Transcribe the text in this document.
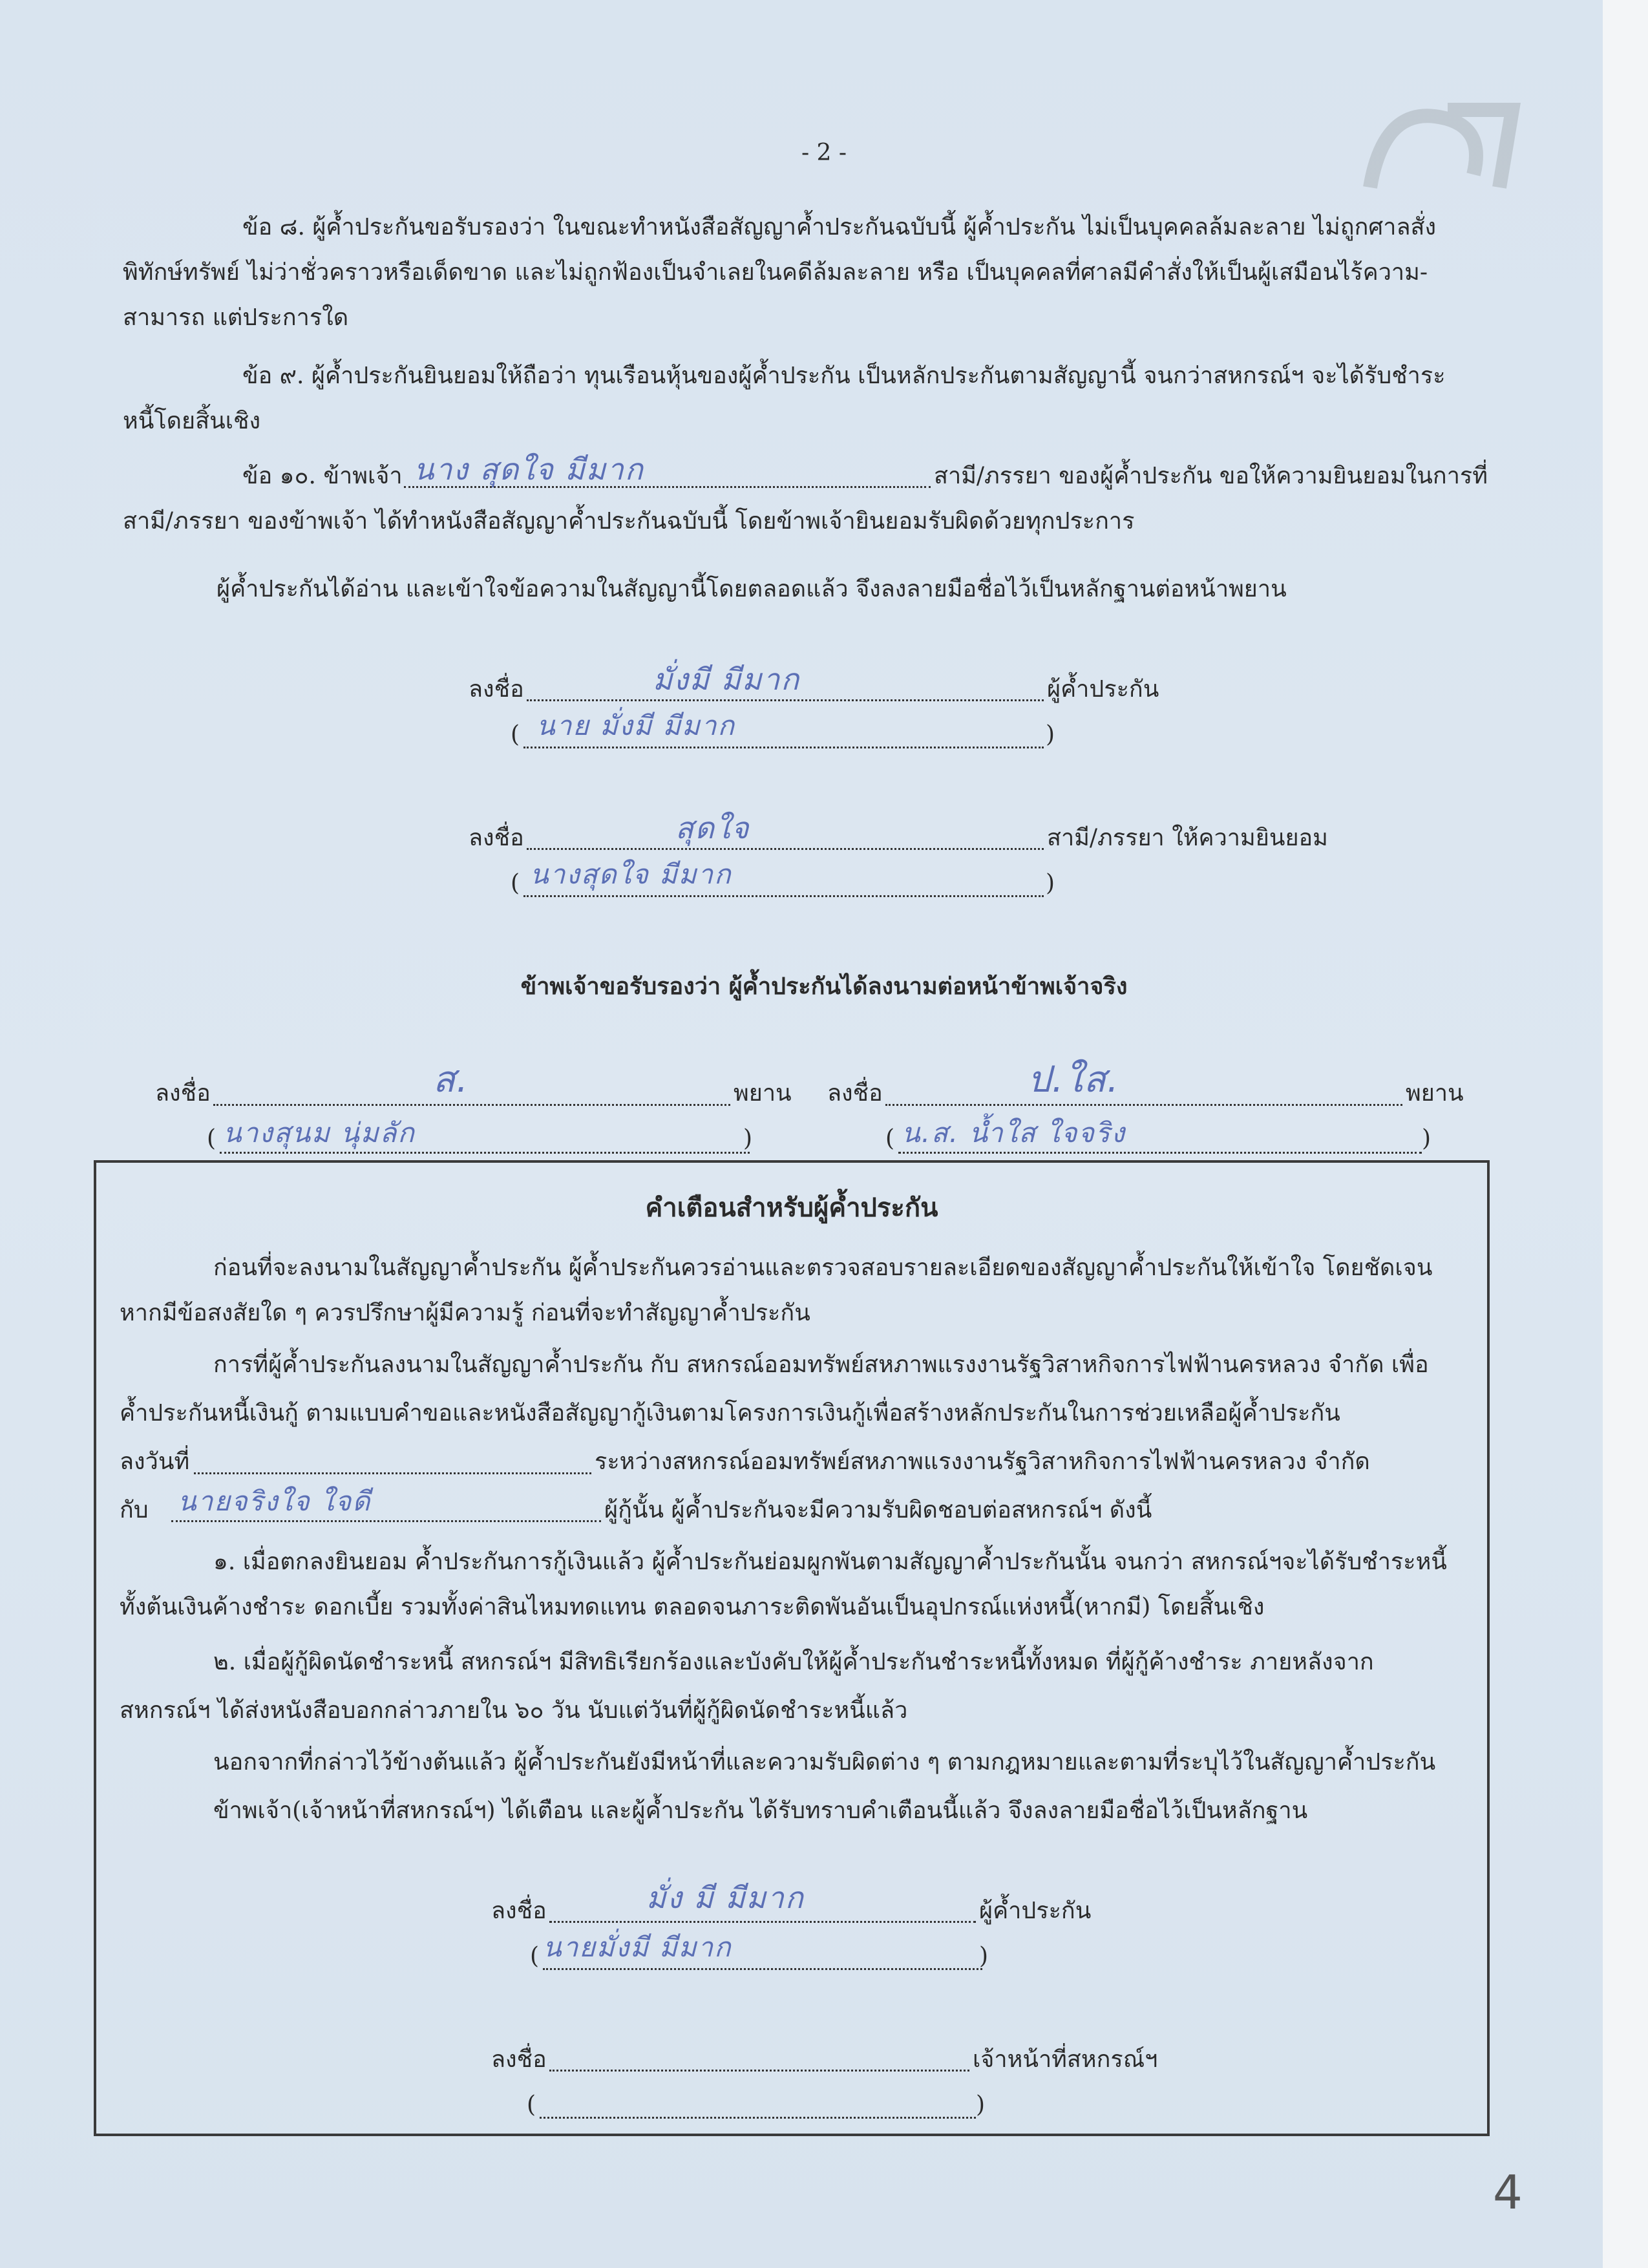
- 2 -
ข้อ ๘. ผู้ค้ำประกันขอรับรองว่า ในขณะทำหนังสือสัญญาค้ำประกันฉบับนี้ ผู้ค้ำประกัน ไม่เป็นบุคคลล้มละลาย ไม่ถูกศาลสั่ง
พิทักษ์ทรัพย์ ไม่ว่าชั่วคราวหรือเด็ดขาด และไม่ถูกฟ้องเป็นจำเลยในคดีล้มละลาย หรือ เป็นบุคคลที่ศาลมีคำสั่งให้เป็นผู้เสมือนไร้ความ-
สามารถ แต่ประการใด
ข้อ ๙. ผู้ค้ำประกันยินยอมให้ถือว่า ทุนเรือนหุ้นของผู้ค้ำประกัน เป็นหลักประกันตามสัญญานี้ จนกว่าสหกรณ์ฯ จะได้รับชำระ
หนี้โดยสิ้นเชิง
ข้อ ๑๐. ข้าพเจ้า นาง สุดใจ มีมาก	สามี/ภรรยา ของผู้ค้ำประกัน ขอให้ความยินยอมในการที่
สามี/ภรรยา ของข้าพเจ้า ได้ทำหนังสือสัญญาค้ำประกันฉบับนี้ โดยข้าพเจ้ายินยอมรับผิดด้วยทุกประการ
ผู้ค้ำประกันได้อ่าน และเข้าใจข้อความในสัญญานี้โดยตลอดแล้ว จึงลงลายมือชื่อไว้เป็นหลักฐานต่อหน้าพยาน
ลงชื่อ	มั่งมี มีมาก	ผู้ค้ำประกัน
( นาย มั่งมี มีมาก	)
ลงชื่อ	สุดใจ	สามี/ภรรยา ให้ความยินยอม
( นางสุดใจ มีมาก	)
ข้าพเจ้าขอรับรองว่า ผู้ค้ำประกันได้ลงนามต่อหน้าข้าพเจ้าจริง
ลงชื่อ	ส.	พยาน
( นางสุนม นุ่มลัก	)
ลงชื่อ	ป.ใส.	พยาน
( น.ส. น้ำใส ใจจริง	)
คำเตือนสำหรับผู้ค้ำประกัน
ก่อนที่จะลงนามในสัญญาค้ำประกัน ผู้ค้ำประกันควรอ่านและตรวจสอบรายละเอียดของสัญญาค้ำประกันให้เข้าใจ โดยชัดเจน
หากมีข้อสงสัยใด ๆ ควรปรึกษาผู้มีความรู้ ก่อนที่จะทำสัญญาค้ำประกัน
การที่ผู้ค้ำประกันลงนามในสัญญาค้ำประกัน กับ สหกรณ์ออมทรัพย์สหภาพแรงงานรัฐวิสาหกิจการไฟฟ้านครหลวง จำกัด เพื่อ
ค้ำประกันหนี้เงินกู้ ตามแบบคำขอและหนังสือสัญญากู้เงินตามโครงการเงินกู้เพื่อสร้างหลักประกันในการช่วยเหลือผู้ค้ำประกัน
ลงวันที่	ระหว่างสหกรณ์ออมทรัพย์สหภาพแรงงานรัฐวิสาหกิจการไฟฟ้านครหลวง จำกัด
กับ นายจริงใจ ใจดี	ผู้กู้นั้น ผู้ค้ำประกันจะมีความรับผิดชอบต่อสหกรณ์ฯ ดังนี้
๑. เมื่อตกลงยินยอม ค้ำประกันการกู้เงินแล้ว ผู้ค้ำประกันย่อมผูกพันตามสัญญาค้ำประกันนั้น จนกว่า สหกรณ์ฯจะได้รับชำระหนี้
ทั้งต้นเงินค้างชำระ ดอกเบี้ย รวมทั้งค่าสินไหมทดแทน ตลอดจนภาระติดพันอันเป็นอุปกรณ์แห่งหนี้(หากมี) โดยสิ้นเชิง
๒. เมื่อผู้กู้ผิดนัดชำระหนี้ สหกรณ์ฯ มีสิทธิเรียกร้องและบังคับให้ผู้ค้ำประกันชำระหนี้ทั้งหมด ที่ผู้กู้ค้างชำระ ภายหลังจาก
สหกรณ์ฯ ได้ส่งหนังสือบอกกล่าวภายใน ๖๐ วัน นับแต่วันที่ผู้กู้ผิดนัดชำระหนี้แล้ว
นอกจากที่กล่าวไว้ข้างต้นแล้ว ผู้ค้ำประกันยังมีหน้าที่และความรับผิดต่าง ๆ ตามกฎหมายและตามที่ระบุไว้ในสัญญาค้ำประกัน
ข้าพเจ้า(เจ้าหน้าที่สหกรณ์ฯ) ได้เตือน และผู้ค้ำประกัน ได้รับทราบคำเตือนนี้แล้ว จึงลงลายมือชื่อไว้เป็นหลักฐาน
ลงชื่อ	มั่ง มี มีมาก	ผู้ค้ำประกัน
( นายมั่งมี มีมาก	)
ลงชื่อ	เจ้าหน้าที่สหกรณ์ฯ
(	)
4
